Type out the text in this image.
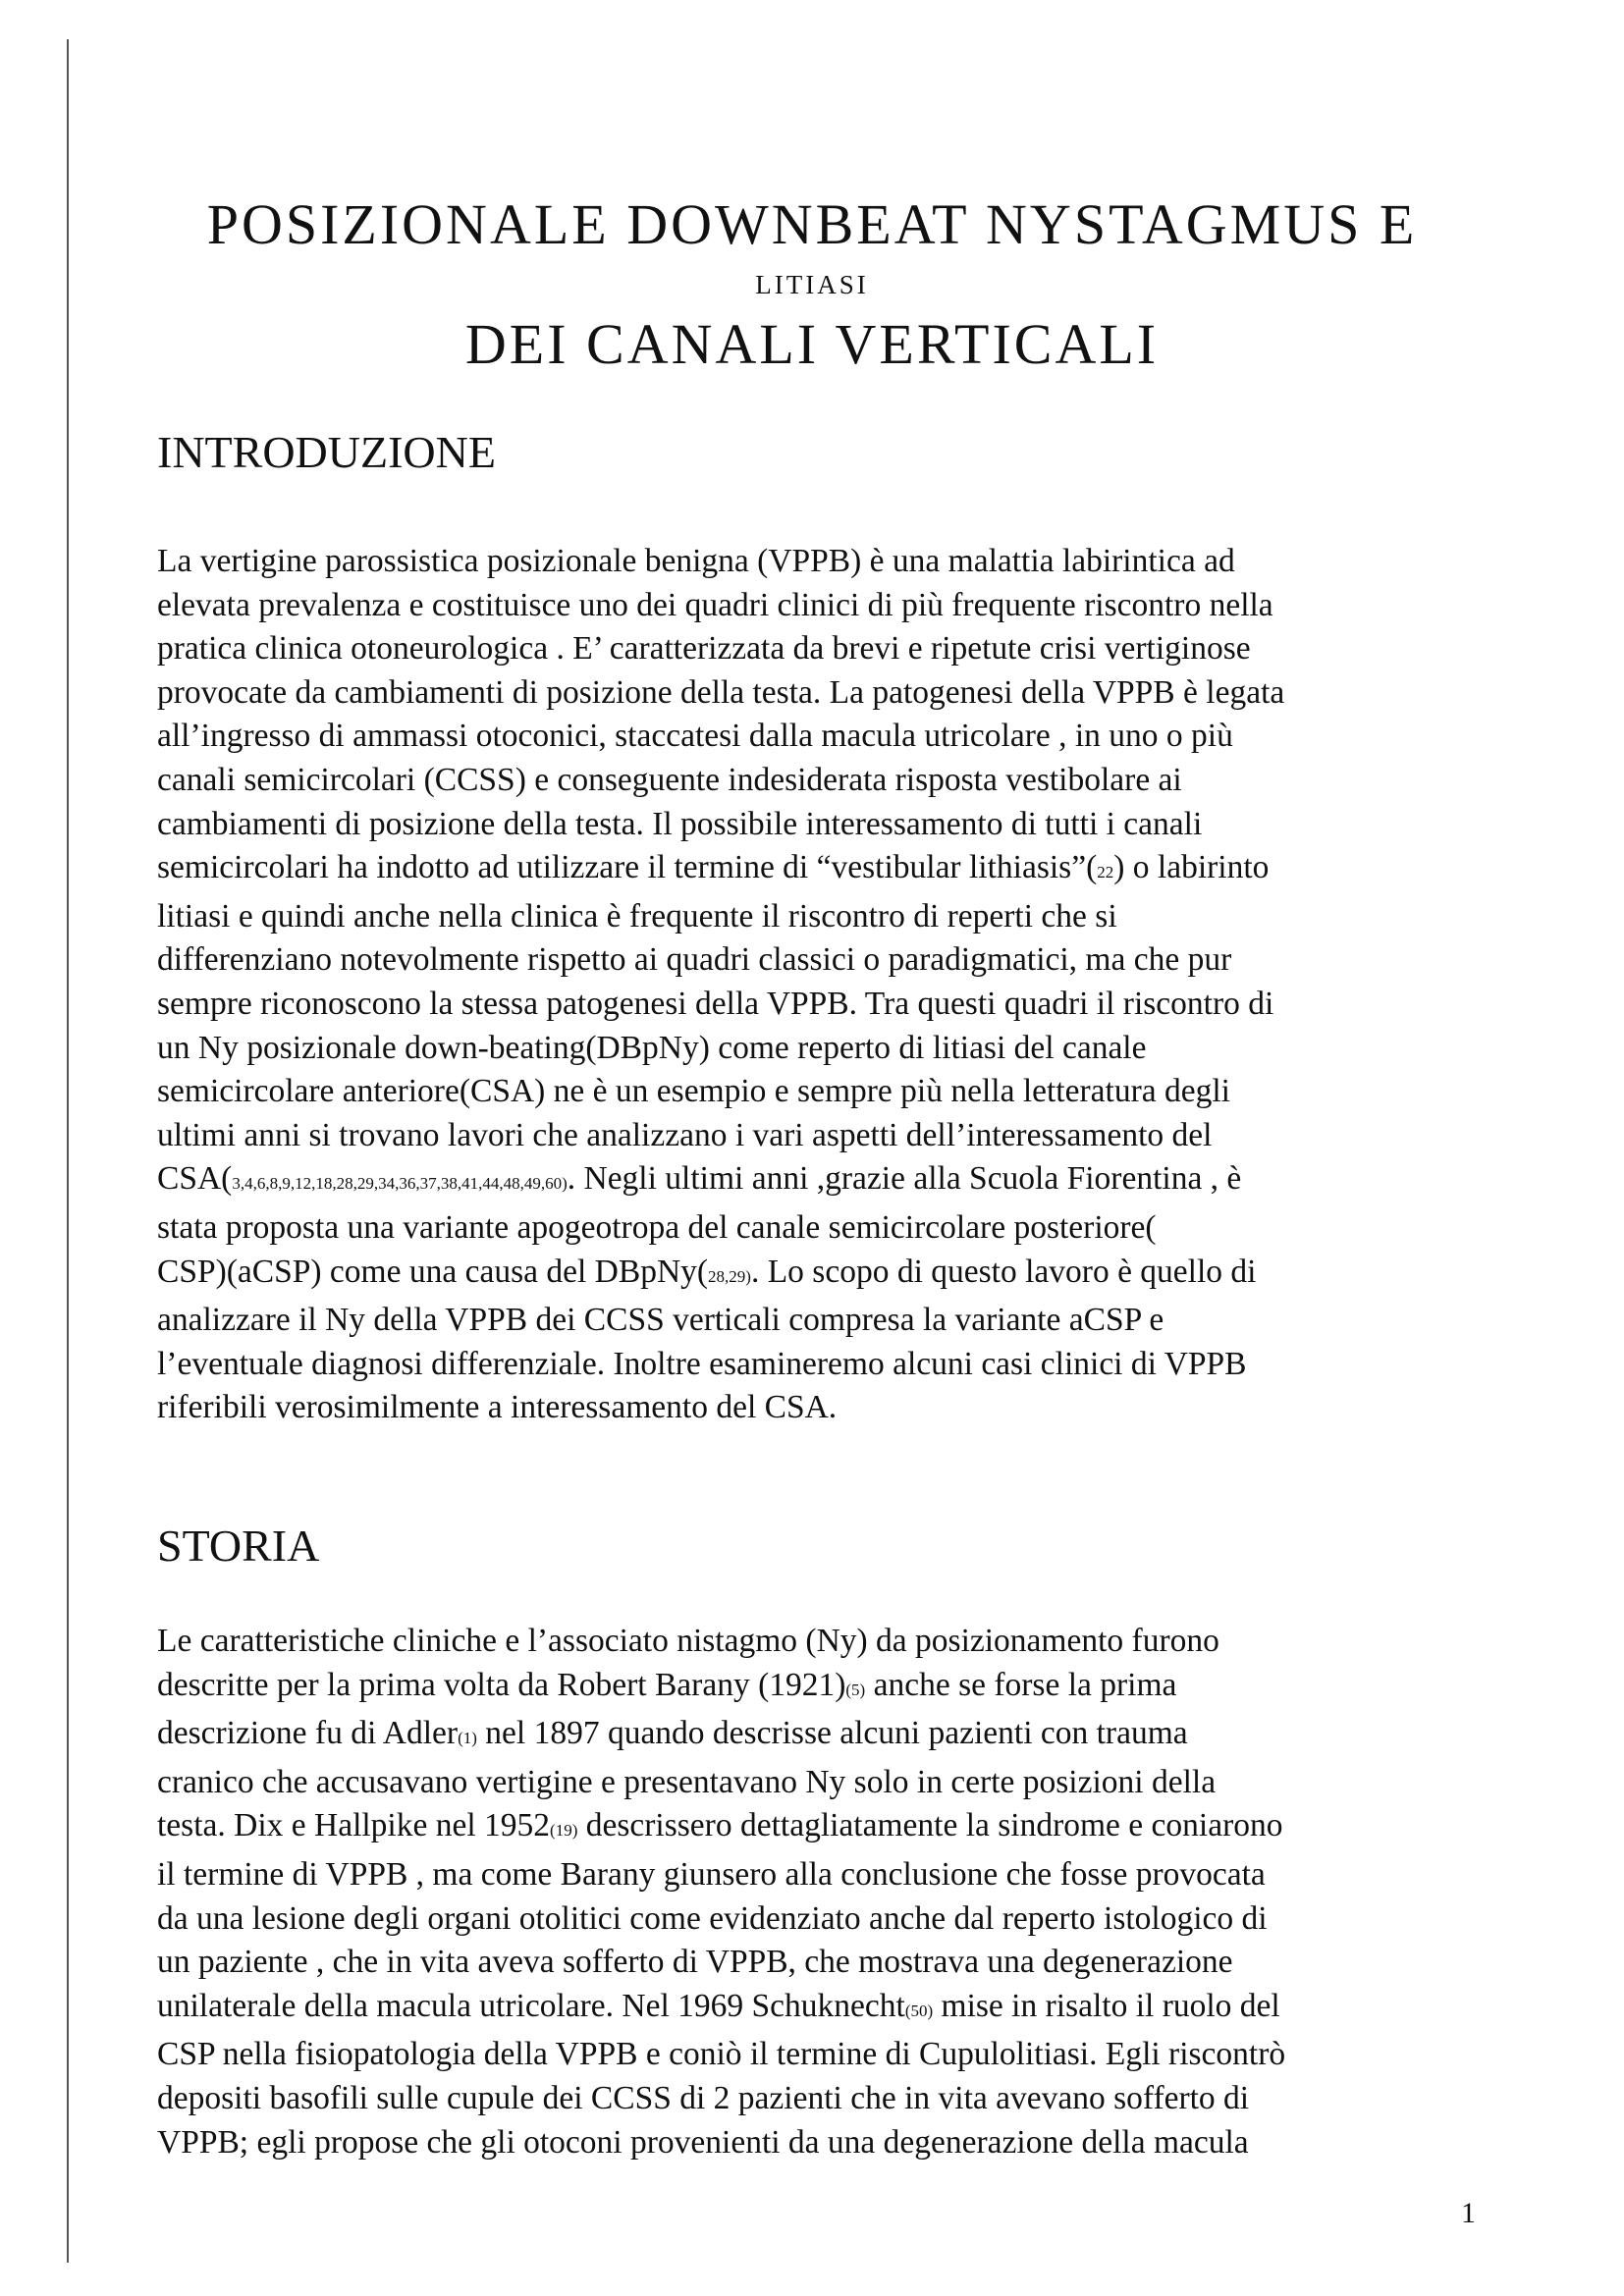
POSIZIONALE DOWNBEAT NYSTAGMUS E
LITIASI
DEI CANALI VERTICALI
INTRODUZIONE
La vertigine parossistica posizionale benigna (VPPB) è una malattia labirintica ad
elevata prevalenza e costituisce uno dei quadri clinici di più frequente riscontro nella
pratica clinica otoneurologica . E’ caratterizzata da brevi e ripetute crisi vertiginose
provocate da cambiamenti di posizione della testa. La patogenesi della VPPB è legata
all’ingresso di ammassi otoconici, staccatesi dalla macula utricolare , in uno o più
canali semicircolari (CCSS) e conseguente indesiderata risposta vestibolare ai
cambiamenti di posizione della testa. Il possibile interessamento di tutti i canali
semicircolari ha indotto ad utilizzare il termine di “vestibular lithiasis”(22) o labirinto
litiasi e quindi anche nella clinica è frequente il riscontro di reperti che si
differenziano notevolmente rispetto ai quadri classici o paradigmatici, ma che pur
sempre riconoscono la stessa patogenesi della VPPB. Tra questi quadri il riscontro di
un Ny posizionale down-beating(DBpNy) come reperto di litiasi del canale
semicircolare anteriore(CSA) ne è un esempio e sempre più nella letteratura degli
ultimi anni si trovano lavori che analizzano i vari aspetti dell’interessamento del
CSA(3,4,6,8,9,12,18,28,29,34,36,37,38,41,44,48,49,60). Negli ultimi anni ,grazie alla Scuola Fiorentina , è
stata proposta una variante apogeotropa del canale semicircolare posteriore(
CSP)(aCSP) come una causa del DBpNy(28,29). Lo scopo di questo lavoro è quello di
analizzare il Ny della VPPB dei CCSS verticali compresa la variante aCSP e
l’eventuale diagnosi differenziale. Inoltre esamineremo alcuni casi clinici di VPPB
riferibili verosimilmente a interessamento del CSA.
STORIA
Le caratteristiche cliniche e l’associato nistagmo (Ny) da posizionamento furono
descritte per la prima volta da Robert Barany (1921)(5) anche se forse la prima
descrizione fu di Adler(1) nel 1897 quando descrisse alcuni pazienti con trauma
cranico che accusavano vertigine e presentavano Ny solo in certe posizioni della
testa. Dix e Hallpike nel 1952(19) descrissero dettagliatamente la sindrome e coniarono
il termine di VPPB , ma come Barany giunsero alla conclusione che fosse provocata
da una lesione degli organi otolitici come evidenziato anche dal reperto istologico di
un paziente , che in vita aveva sofferto di VPPB, che mostrava una degenerazione
unilaterale della macula utricolare. Nel 1969 Schuknecht(50) mise in risalto il ruolo del
CSP nella fisiopatologia della VPPB e coniò il termine di Cupulolitiasi. Egli riscontrò
depositi basofili sulle cupule dei CCSS di 2 pazienti che in vita avevano sofferto di
VPPB; egli propose che gli otoconi provenienti da una degenerazione della macula
1
